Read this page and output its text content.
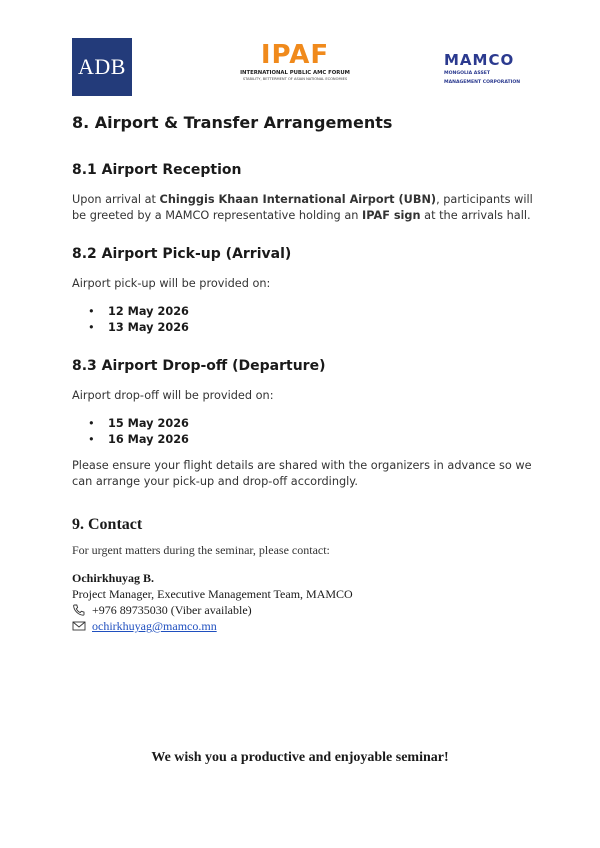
ADB	IPAF
INTERNATIONAL PUBLIC AMC FORUM
STABILITY, BETTERMENT OF ASIAN NATIONAL ECONOMIES
MAMCO
MONGOLIA ASSET
MANAGEMENT CORPORATION
8. Airport & Transfer Arrangements
8.1 Airport Reception

Upon arrival at Chinggis Khaan International Airport (UBN), participants will be greeted by a MAMCO representative holding an IPAF sign at the arrivals hall.

8.2 Airport Pick-up (Arrival)

Airport pick-up will be provided on:

• 12 May 2026
• 13 May 2026
8.3 Airport Drop-off (Departure)

Airport drop-off will be provided on:

• 15 May 2026
• 16 May 2026

Please ensure your flight details are shared with the organizers in advance so we can arrange your pick-up and drop-off accordingly.

9. Contact

For urgent matters during the seminar, please contact:

Ochirkhuyag B.
Project Manager, Executive Management Team, MAMCO
+976 89735030 (Viber available)
ochirkhuyag@mamco.mn
We wish you a productive and enjoyable seminar!
